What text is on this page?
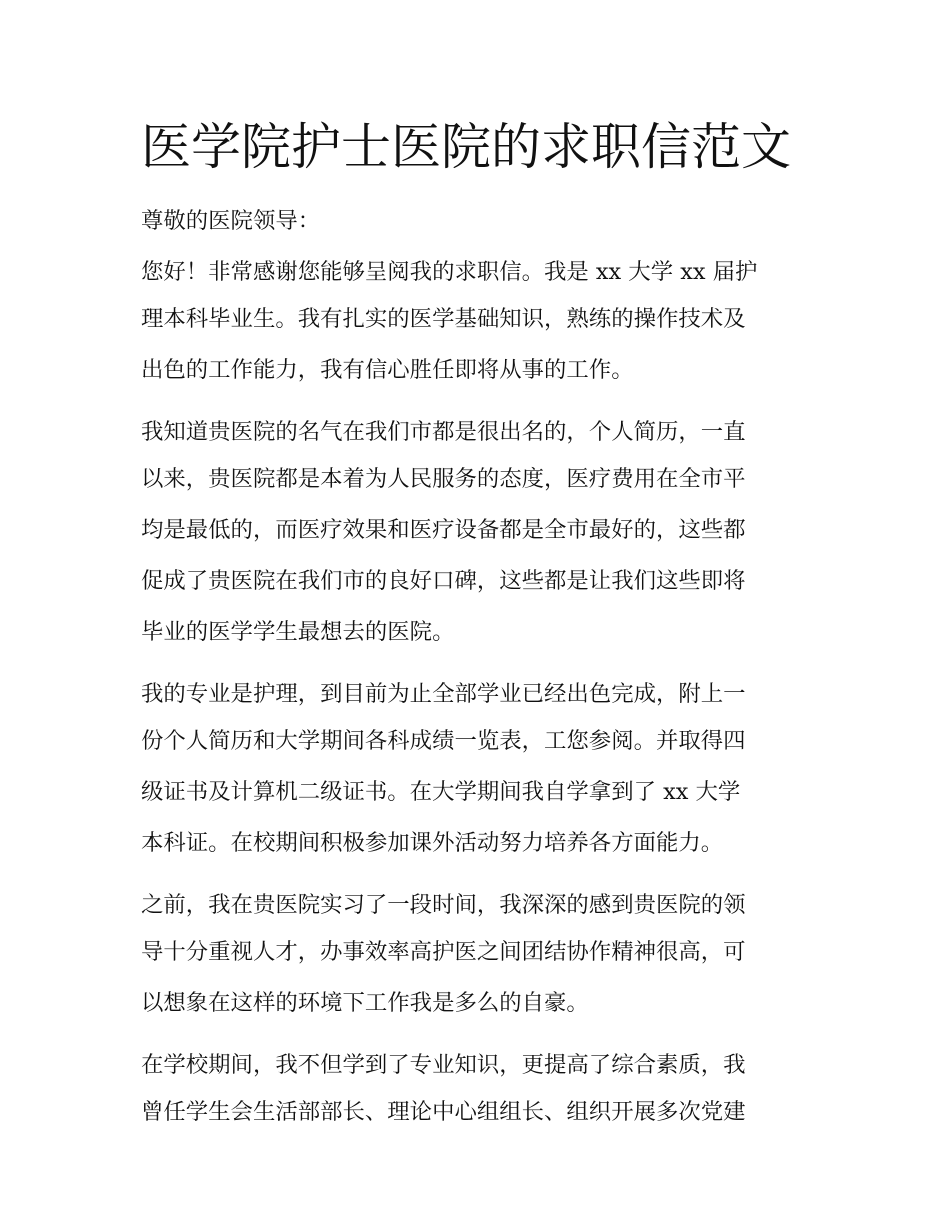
医学院护士医院的求职信范文

尊敬的医院领导：

您好！非常感谢您能够呈阅我的求职信。我是 xx 大学 xx 届护
理本科毕业生。我有扎实的医学基础知识，熟练的操作技术及
出色的工作能力，我有信心胜任即将从事的工作。
我知道贵医院的名气在我们市都是很出名的，个人简历，一直
以来，贵医院都是本着为人民服务的态度，医疗费用在全市平
均是最低的，而医疗效果和医疗设备都是全市最好的，这些都
促成了贵医院在我们市的良好口碑，这些都是让我们这些即将
毕业的医学学生最想去的医院。
我的专业是护理，到目前为止全部学业已经出色完成，附上一
份个人简历和大学期间各科成绩一览表，工您参阅。并取得四
级证书及计算机二级证书。在大学期间我自学拿到了 xx 大学
本科证。在校期间积极参加课外活动努力培养各方面能力。
之前，我在贵医院实习了一段时间，我深深的感到贵医院的领
导十分重视人才，办事效率高护医之间团结协作精神很高，可
以想象在这样的环境下工作我是多么的自豪。
在学校期间，我不但学到了专业知识，更提高了综合素质，我
曾任学生会生活部部长、理论中心组组长、组织开展多次党建
